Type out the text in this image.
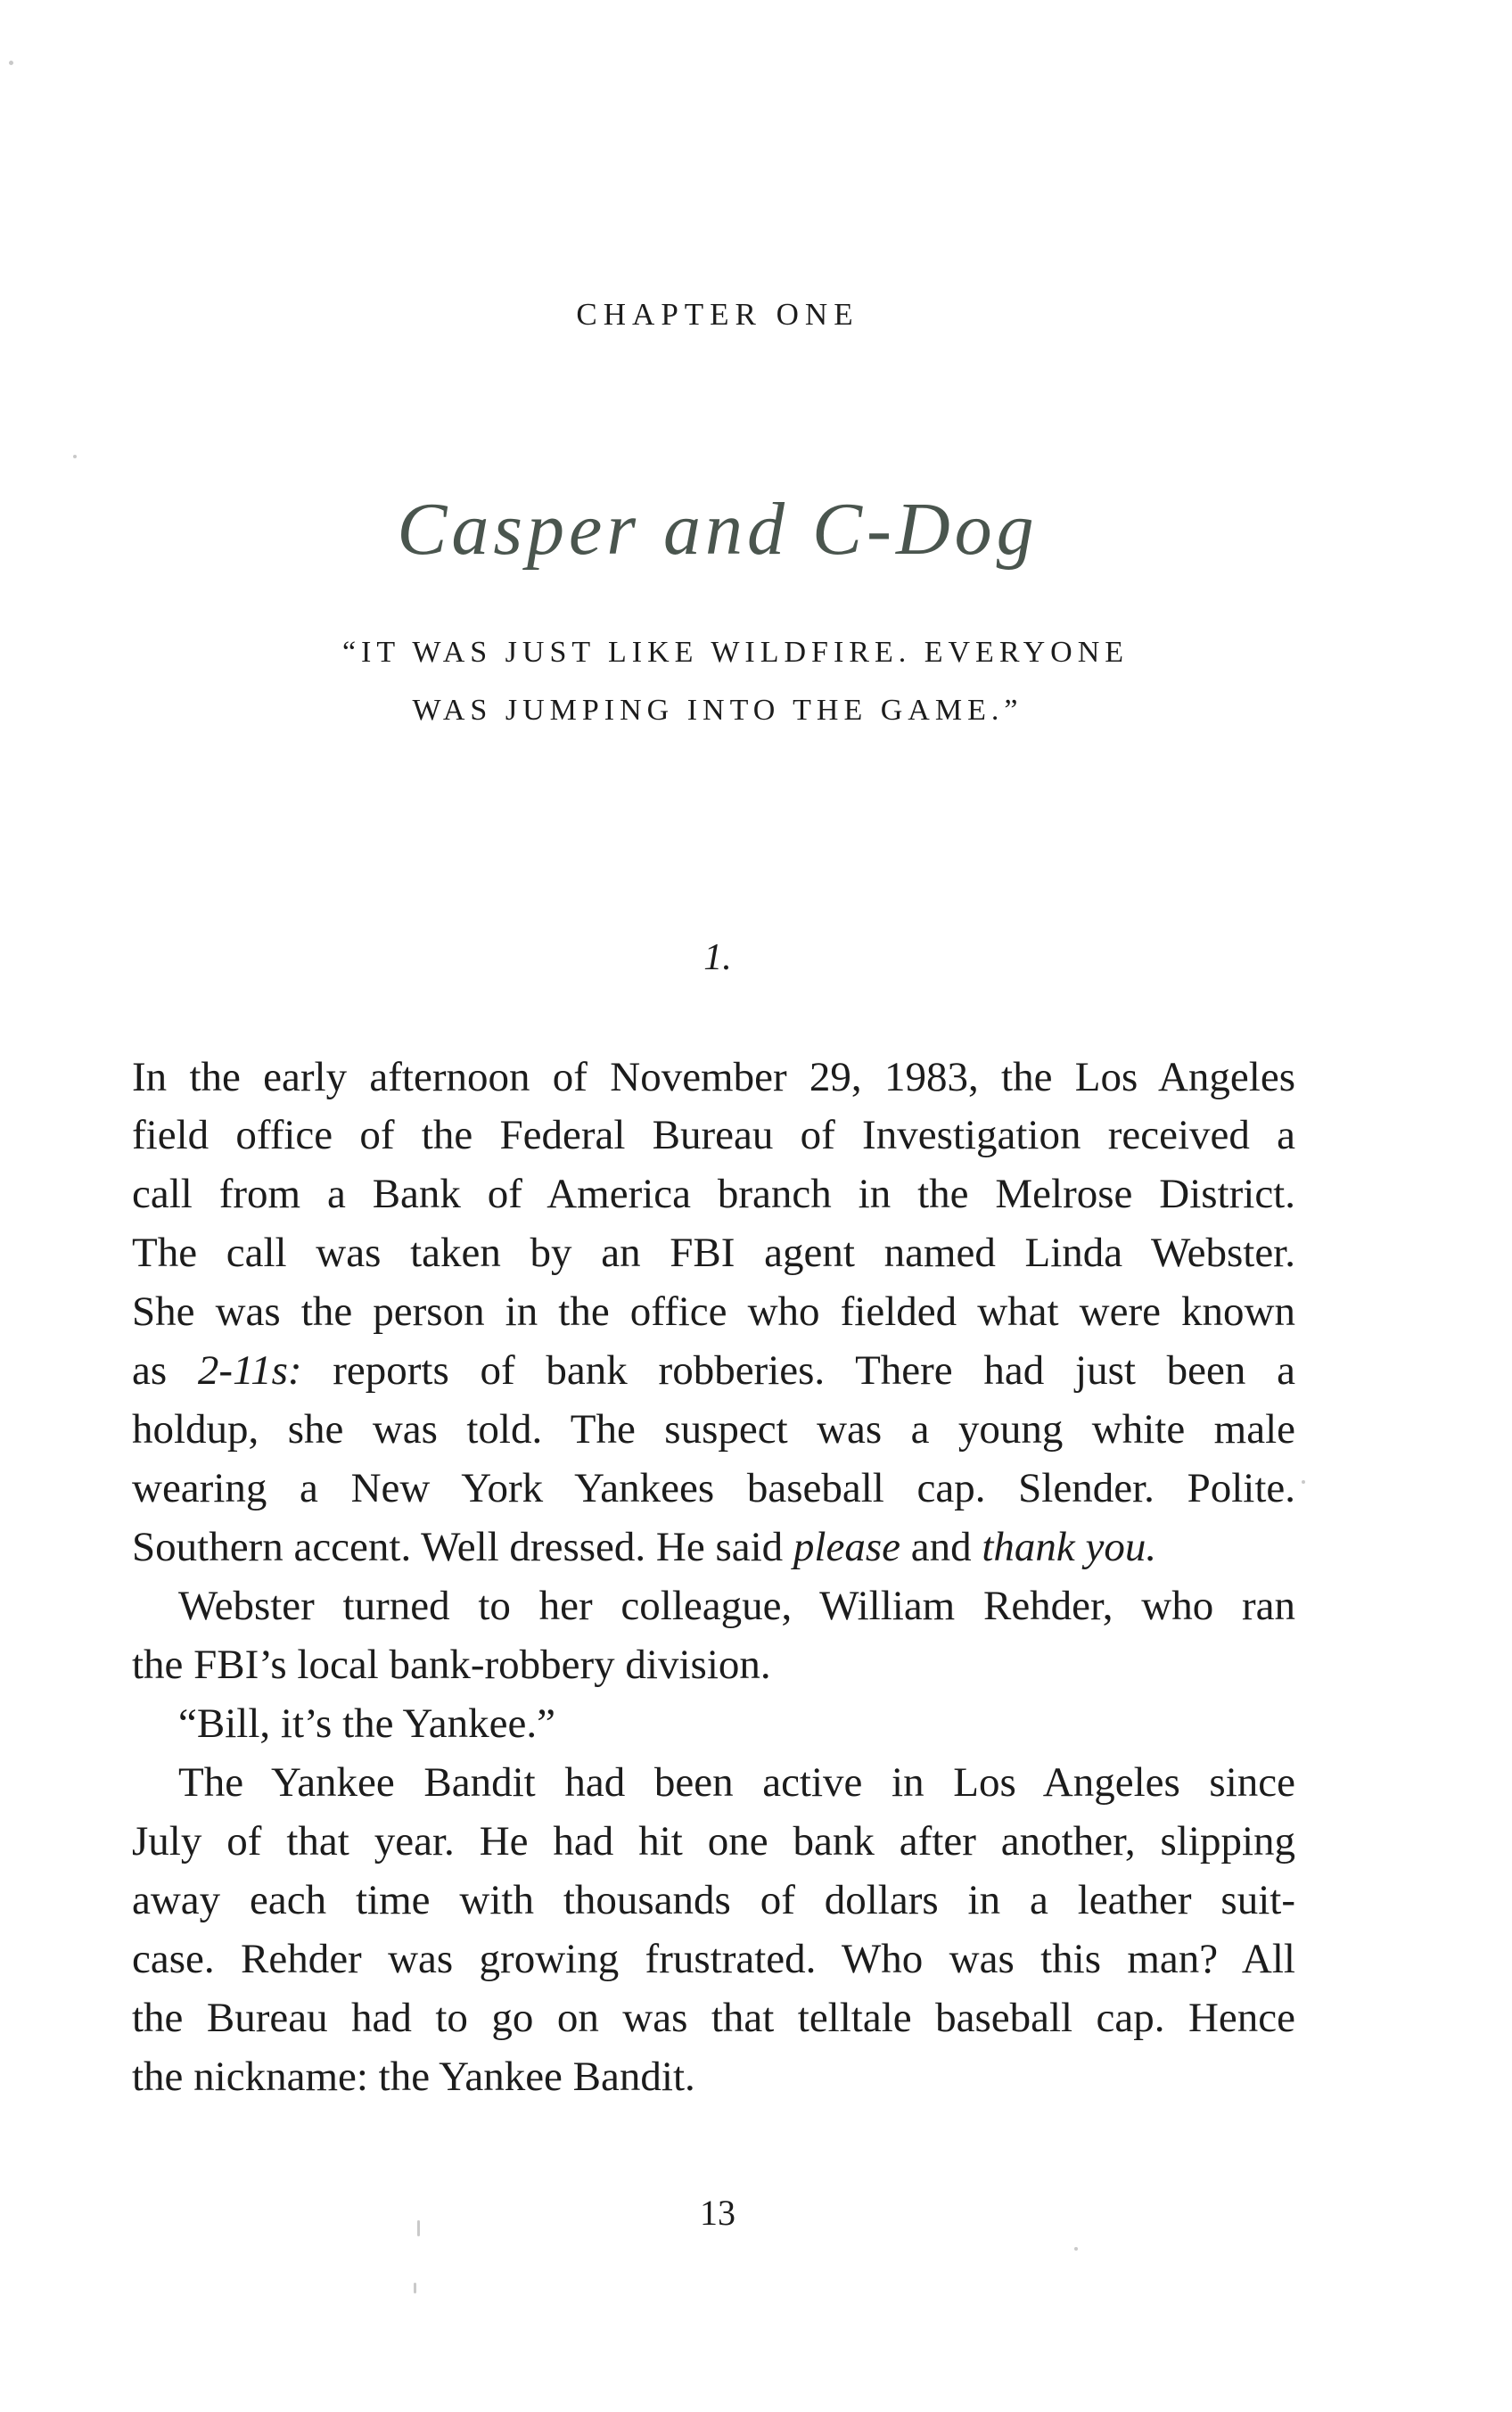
CHAPTER ONE
Casper and C-Dog
“IT WAS JUST LIKE WILDFIRE. EVERYONE
WAS JUMPING INTO THE GAME.”
1.
In the early afternoon of November 29, 1983, the Los Angeles
field office of the Federal Bureau of Investigation received a
call from a Bank of America branch in the Melrose District.
The call was taken by an FBI agent named Linda Webster.
She was the person in the office who fielded what were known
as 2-11s: reports of bank robberies. There had just been a
holdup, she was told. The suspect was a young white male
wearing a New York Yankees baseball cap. Slender. Polite.
Southern accent. Well dressed. He said please and thank you.
Webster turned to her colleague, William Rehder, who ran
the FBI’s local bank-robbery division.
“Bill, it’s the Yankee.”
The Yankee Bandit had been active in Los Angeles since
July of that year. He had hit one bank after another, slipping
away each time with thousands of dollars in a leather suit-
case. Rehder was growing frustrated. Who was this man? All
the Bureau had to go on was that telltale baseball cap. Hence
the nickname: the Yankee Bandit.
13
